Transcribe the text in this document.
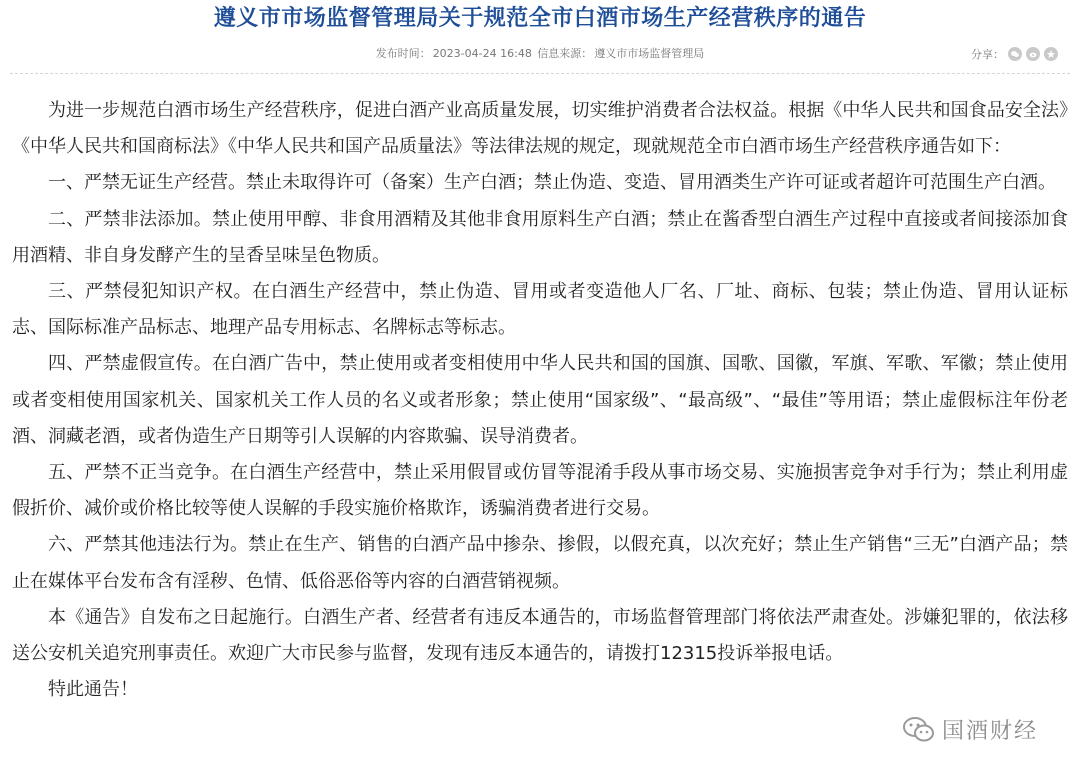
遵义市市场监督管理局关于规范全市白酒市场生产经营秩序的通告
发布时间： 2023-04-24 16:48 信息来源： 遵义市市场监督管理局	分享：

为进一步规范白酒市场生产经营秩序，促进白酒产业高质量发展，切实维护消费者合法权益。根据《中华人民共和国食品安全法》《中华人民共和国商标法》《中华人民共和国产品质量法》等法律法规的规定，现就规范全市白酒市场生产经营秩序通告如下：

一、严禁无证生产经营。禁止未取得许可（备案）生产白酒；禁止伪造、变造、冒用酒类生产许可证或者超许可范围生产白酒。

二、严禁非法添加。禁止使用甲醇、非食用酒精及其他非食用原料生产白酒；禁止在酱香型白酒生产过程中直接或者间接添加食用酒精、非自身发酵产生的呈香呈味呈色物质。

三、严禁侵犯知识产权。在白酒生产经营中，禁止伪造、冒用或者变造他人厂名、厂址、商标、包装；禁止伪造、冒用认证标志、国际标准产品标志、地理产品专用标志、名牌标志等标志。

四、严禁虚假宣传。在白酒广告中，禁止使用或者变相使用中华人民共和国的国旗、国歌、国徽，军旗、军歌、军徽；禁止使用或者变相使用国家机关、国家机关工作人员的名义或者形象；禁止使用“国家级”、“最高级”、“最佳”等用语；禁止虚假标注年份老酒、洞藏老酒，或者伪造生产日期等引人误解的内容欺骗、误导消费者。

五、严禁不正当竞争。在白酒生产经营中，禁止采用假冒或仿冒等混淆手段从事市场交易、实施损害竞争对手行为；禁止利用虚假折价、减价或价格比较等使人误解的手段实施价格欺诈，诱骗消费者进行交易。

六、严禁其他违法行为。禁止在生产、销售的白酒产品中掺杂、掺假，以假充真，以次充好；禁止生产销售“三无”白酒产品；禁止在媒体平台发布含有淫秽、色情、低俗恶俗等内容的白酒营销视频。

本《通告》自发布之日起施行。白酒生产者、经营者有违反本通告的，市场监督管理部门将依法严肃查处。涉嫌犯罪的，依法移送公安机关追究刑事责任。欢迎广大市民参与监督，发现有违反本通告的，请拨打12315投诉举报电话。

特此通告！

国酒财经
